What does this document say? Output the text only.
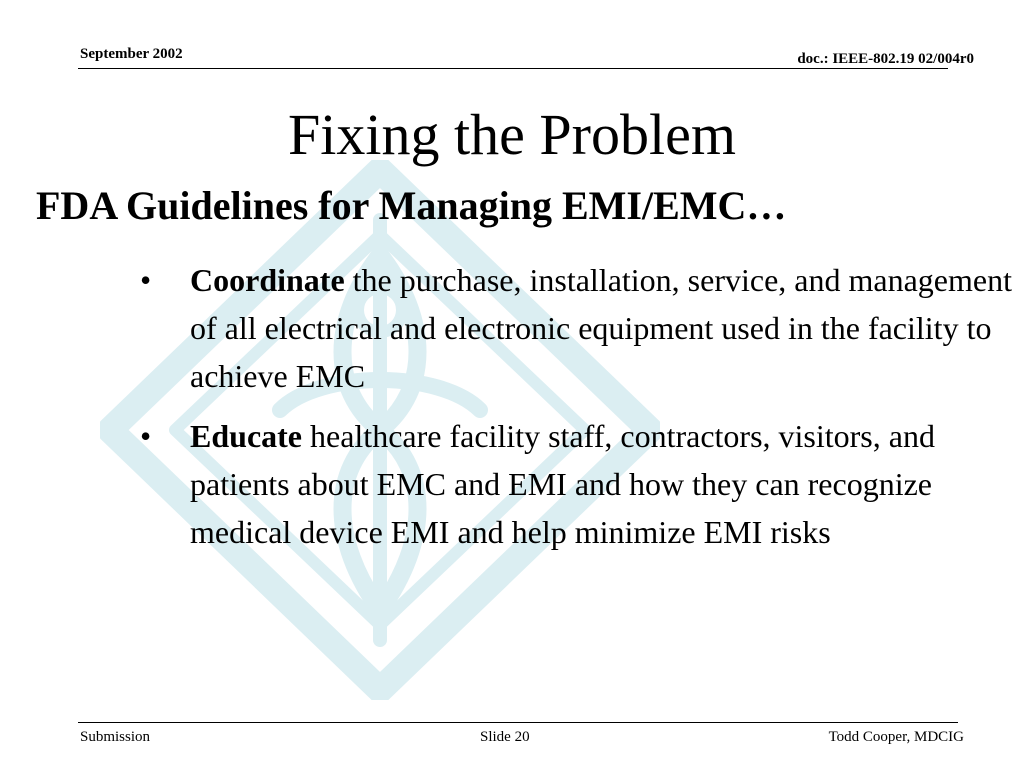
September 2002	doc.: IEEE-802.19 02/004r0
Fixing the Problem
FDA Guidelines for Managing EMI/EMC…
• Coordinate the purchase, installation, service, and management of all electrical and electronic equipment used in the facility to achieve EMC
• Educate healthcare facility staff, contractors, visitors, and patients about EMC and EMI and how they can recognize medical device EMI and help minimize EMI risks
Submission	Slide 20	Todd Cooper, MDCIG
